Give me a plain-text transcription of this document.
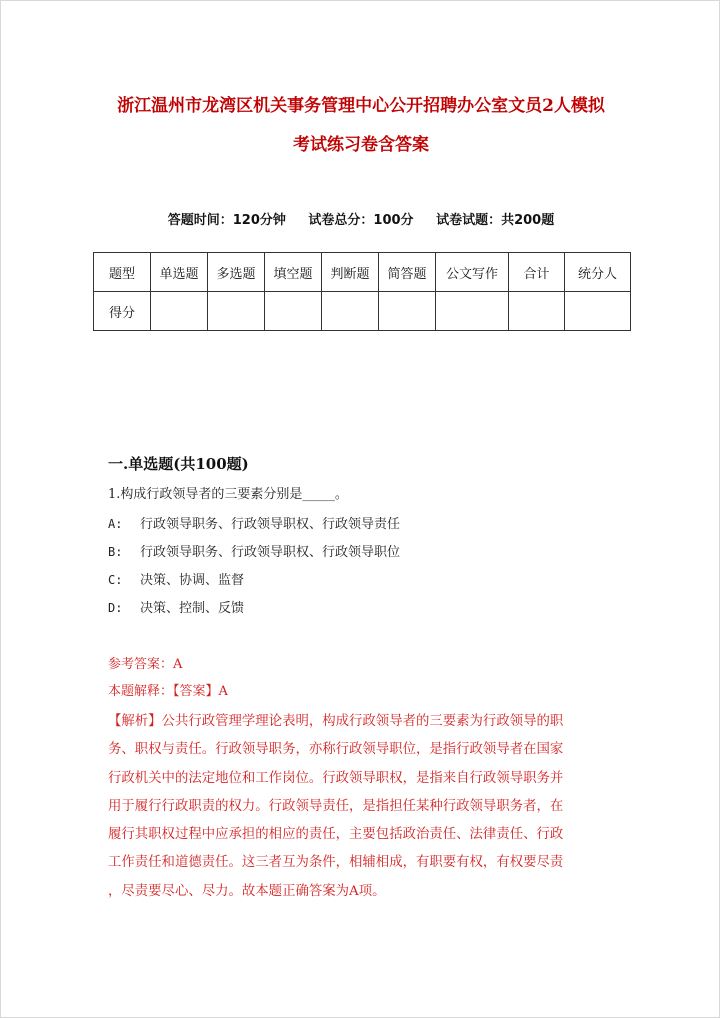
浙江温州市龙湾区机关事务管理中心公开招聘办公室文员2人模拟
考试练习卷含答案
答题时间：120分钟 试卷总分：100分 试卷试题：共200题
题型	单选题	多选题	填空题	判断题	简答题	公文写作	合计	统分人
得分								
一.单选题(共100题)
1.构成行政领导者的三要素分别是_____。
A: 行政领导职务、行政领导职权、行政领导责任
B: 行政领导职务、行政领导职权、行政领导职位
C: 决策、协调、监督
D: 决策、控制、反馈
参考答案：A
本题解释：【答案】A
【解析】公共行政管理学理论表明，构成行政领导者的三要素为行政领导的职
务、职权与责任。行政领导职务，亦称行政领导职位，是指行政领导者在国家
行政机关中的法定地位和工作岗位。行政领导职权，是指来自行政领导职务并
用于履行行政职责的权力。行政领导责任，是指担任某种行政领导职务者，在
履行其职权过程中应承担的相应的责任，主要包括政治责任、法律责任、行政
工作责任和道德责任。这三者互为条件，相辅相成，有职要有权，有权要尽责
，尽责要尽心、尽力。故本题正确答案为A项。
